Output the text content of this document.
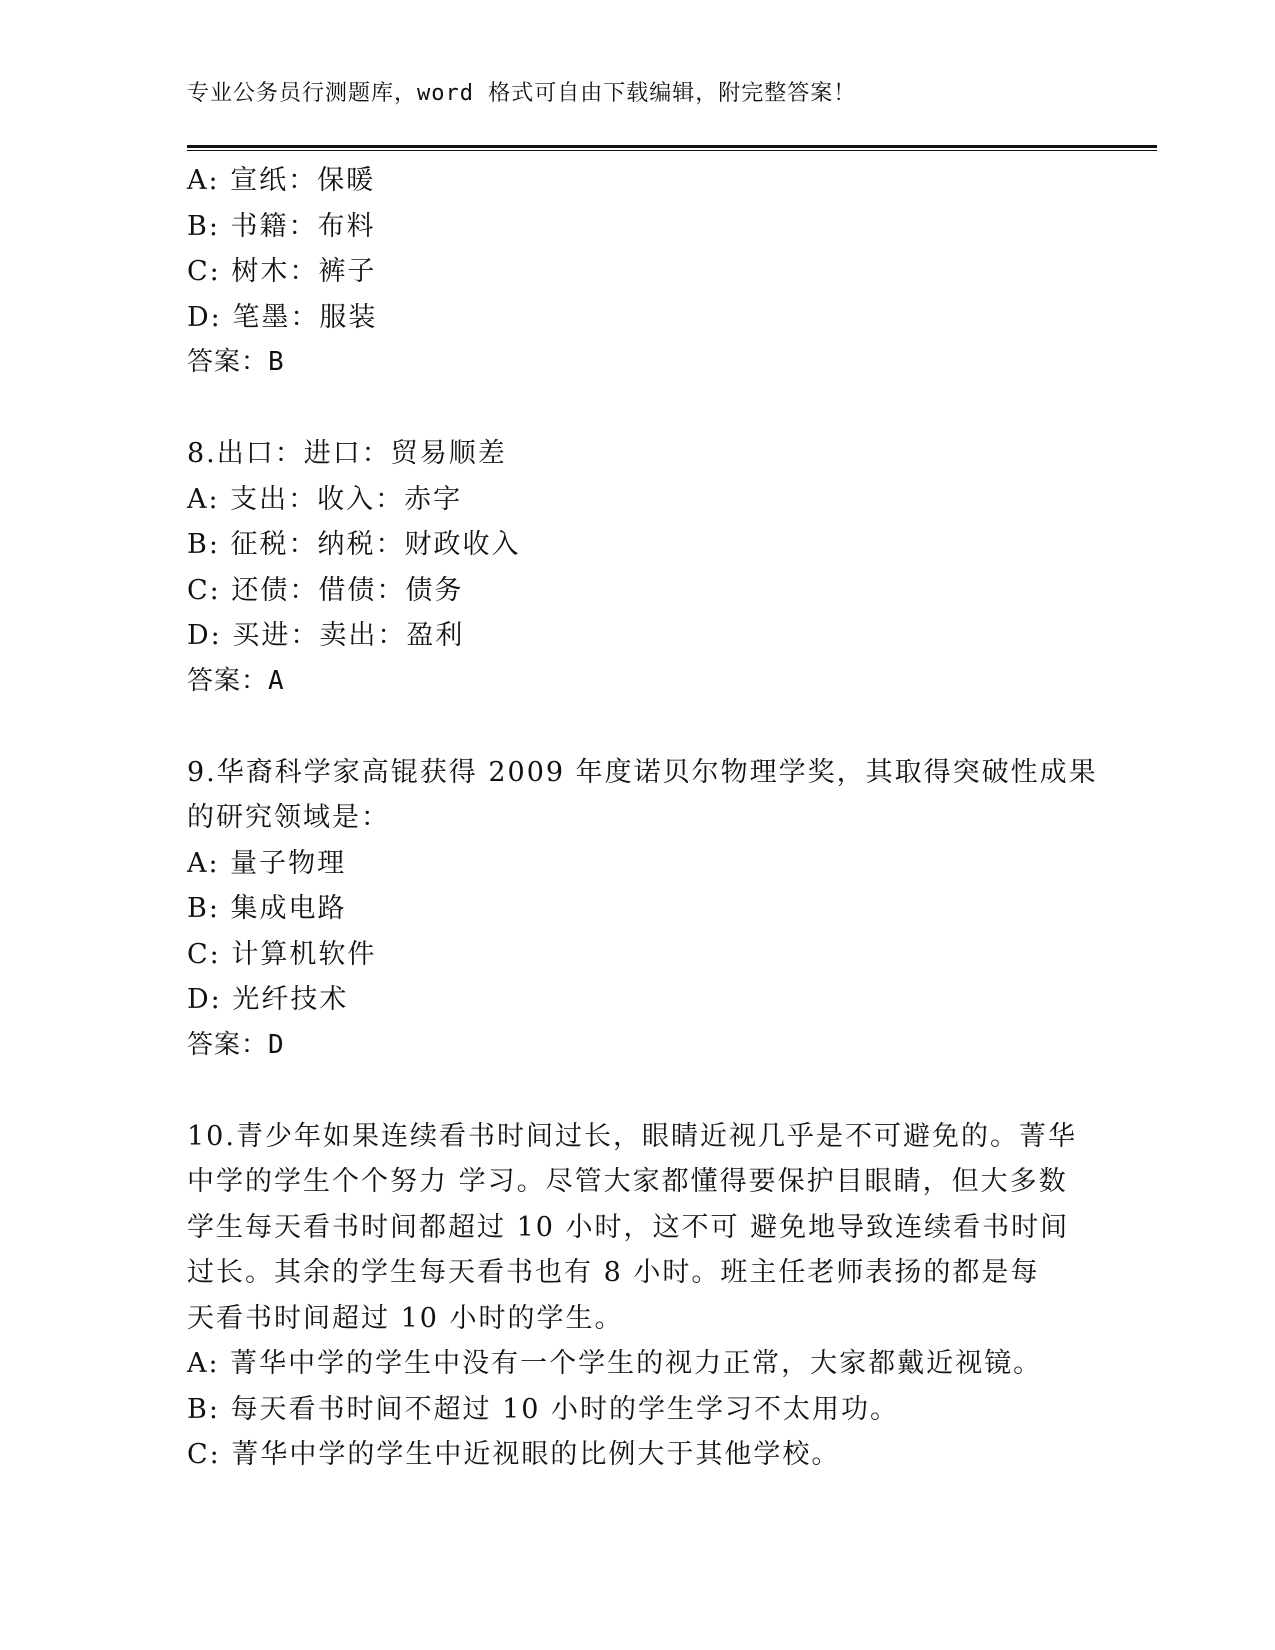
专业公务员行测题库，word 格式可自由下载编辑，附完整答案！
A: 宣纸：保暖
B: 书籍：布料
C: 树木：裤子
D: 笔墨：服装
答案：B
8.出口：进口：贸易顺差
A: 支出：收入：赤字
B: 征税：纳税：财政收入
C: 还债：借债：债务
D: 买进：卖出：盈利
答案：A
9.华裔科学家高锟获得 2009 年度诺贝尔物理学奖，其取得突破性成果
的研究领域是：
A: 量子物理
B: 集成电路
C: 计算机软件
D: 光纤技术
答案：D
10.青少年如果连续看书时间过长，眼睛近视几乎是不可避免的。菁华
中学的学生个个努力 学习。尽管大家都懂得要保护目眼睛，但大多数
学生每天看书时间都超过 10 小时，这不可 避免地导致连续看书时间
过长。其余的学生每天看书也有 8 小时。班主任老师表扬的都是每
天看书时间超过 10 小时的学生。
A: 菁华中学的学生中没有一个学生的视力正常，大家都戴近视镜。
B: 每天看书时间不超过 10 小时的学生学习不太用功。
C: 菁华中学的学生中近视眼的比例大于其他学校。
